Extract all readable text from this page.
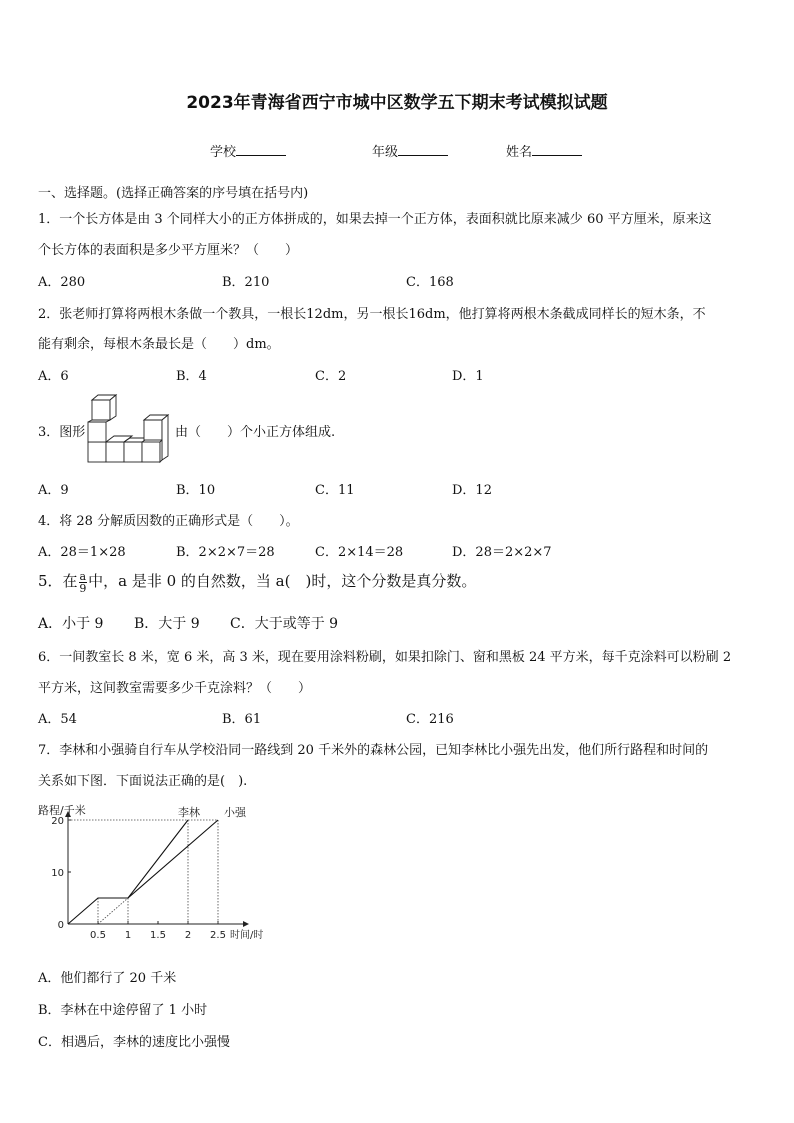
2023年青海省西宁市城中区数学五下期末考试模拟试题
学校	年级	姓名
一、选择题。(选择正确答案的序号填在括号内)
1．一个长方体是由 3 个同样大小的正方体拼成的，如果去掉一个正方体，表面积就比原来减少 60 平方厘米，原来这
个长方体的表面积是多少平方厘米？（　　）
A．280	B．210	C．168
2．张老师打算将两根木条做一个教具，一根长12dm，另一根长16dm，他打算将两根木条截成同样长的短木条，不
能有剩余，每根木条最长是（　　）dm。
A．6	B．4	C．2	D．1
3．图形	由（　　）个小正方体组成.
A．9	B．10	C．11	D．12
4．将 28 分解质因数的正确形式是（　　）。
A．28＝1×28	B．2×2×7＝28	C．2×14＝28	D．28＝2×2×7
5．在 $\frac{a}{9}$ 中，a 是非 0 的自然数，当 a(　)时，这个分数是真分数。
A．小于 9 B．大于 9 C．大于或等于 9
6．一间教室长 8 米，宽 6 米，高 3 米，现在要用涂料粉刷，如果扣除门、窗和黑板 24 平方米，每千克涂料可以粉刷 2
平方米，这间教室需要多少千克涂料？（　　）
A．54	B．61	C．216
7．李林和小强骑自行车从学校沿同一路线到 20 千米外的森林公园，已知李林比小强先出发，他们所行路程和时间的
关系如下图．下面说法正确的是(　).
路程/千米
时间/时
0.5 1 1.5 2 2.5
0
10
20
李林 小强
A．他们都行了 20 千米
B．李林在中途停留了 1 小时
C．相遇后，李林的速度比小强慢
